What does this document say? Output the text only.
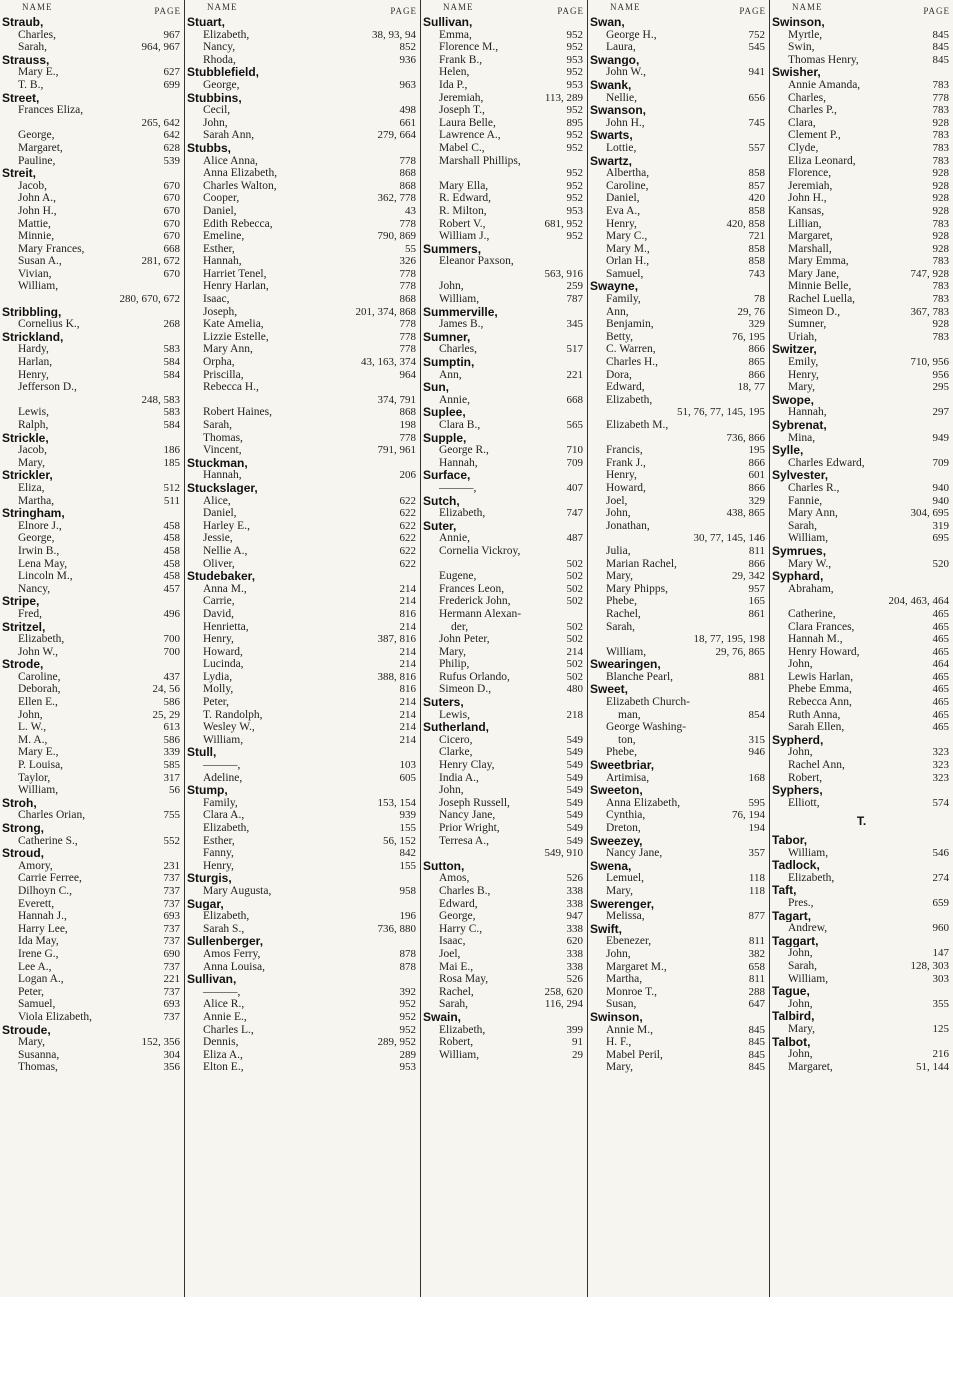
NAME	PAGE
Straub,
Charles,	967
Sarah,	964, 967
Strauss,
Mary E.,	627
T. B.,	699
Street,
Frances Eliza,
265, 642
George,	642
Margaret,	628
Pauline,	539
Streit,
Jacob,	670
John A.,	670
John H.,	670
Mattie,	670
Minnie,	670
Mary Frances,	668
Susan A.,	281, 672
Vivian,	670
William,
280, 670, 672
Stribbling,
Cornelius K.,	268
Strickland,
Hardy,	583
Harlan,	584
Henry,	584
Jefferson D.,
248, 583
Lewis,	583
Ralph,	584
Strickle,
Jacob,	186
Mary,	185
Strickler,
Eliza,	512
Martha,	511
Stringham,
Elnore J.,	458
George,	458
Irwin B.,	458
Lena May,	458
Lincoln M.,	458
Nancy,	457
Stripe,
Fred,	496
Stritzel,
Elizabeth,	700
John W.,	700
Strode,
Caroline,	437
Deborah,	24, 56
Ellen E.,	586
John,	25, 29
L. W.,	613
M. A.,	586
Mary E.,	339
P. Louisa,	585
Taylor,	317
William,	56
Stroh,
Charles Orian,	755
Strong,
Catherine S.,	552
Stroud,
Amory,	231
Carrie Ferree,	737
Dilhoyn C.,	737
Everett,	737
Hannah J.,	693
Harry Lee,	737
Ida May,	737
Irene G.,	690
Lee A.,	737
Logan A.,	221
Peter,	737
Samuel,	693
Viola Elizabeth,	737
Stroude,
Mary,	152, 356
Susanna,	304
Thomas,	356
NAME	PAGE
Stuart,
Elizabeth,	38, 93, 94
Nancy,	852
Rhoda,	936
Stubblefield,
George,	963
Stubbins,
Cecil,	498
John,	661
Sarah Ann,	279, 664
Stubbs,
Alice Anna,	778
Anna Elizabeth,	868
Charles Walton,	868
Cooper,	362, 778
Daniel,	43
Edith Rebecca,	778
Emeline,	790, 869
Esther,	55
Hannah,	326
Harriet Tenel,	778
Henry Harlan,	778
Isaac,	868
Joseph,	201, 374, 868
Kate Amelia,	778
Lizzie Estelle,	778
Mary Ann,	778
Orpha,	43, 163, 374
Priscilla,	964
Rebecca H.,
374, 791
Robert Haines,	868
Sarah,	198
Thomas,	778
Vincent,	791, 961
Stuckman,
Hannah,	206
Stuckslager,
Alice,	622
Daniel,	622
Harley E.,	622
Jessie,	622
Nellie A.,	622
Oliver,	622
Studebaker,
Anna M.,	214
Carrie,	214
David,	816
Henrietta,	214
Henry,	387, 816
Howard,	214
Lucinda,	214
Lydia,	388, 816
Molly,	816
Peter,	214
T. Randolph,	214
Wesley W.,	214
William,	214
Stull,
———,	103
Adeline,	605
Stump,
Family,	153, 154
Clara A.,	939
Elizabeth,	155
Esther,	56, 152
Fanny,	842
Henry,	155
Sturgis,
Mary Augusta,	958
Sugar,
Elizabeth,	196
Sarah S.,	736, 880
Sullenberger,
Amos Ferry,	878
Anna Louisa,	878
Sullivan,
———,	392
Alice R.,	952
Annie E.,	952
Charles L.,	952
Dennis,	289, 952
Eliza A.,	289
Elton E.,	953
NAME	PAGE
Sullivan,
Emma,	952
Florence M.,	952
Frank B.,	953
Helen,	952
Ida P.,	953
Jeremiah,	113, 289
Joseph T.,	952
Laura Belle,	895
Lawrence A.,	952
Mabel C.,	952
Marshall Phillips,
952
Mary Ella,	952
R. Edward,	952
R. Milton,	953
Robert V.,	681, 952
William J.,	952
Summers,
Eleanor Paxson,
563, 916
John,	259
William,	787
Summerville,
James B.,	345
Sumner,
Charles,	517
Sumptin,
Ann,	221
Sun,
Annie,	668
Suplee,
Clara B.,	565
Supple,
George R.,	710
Hannah,	709
Surface,
———,	407
Sutch,
Elizabeth,	747
Suter,
Annie,	487
Cornelia Vickroy,
502
Eugene,	502
Frances Leon,	502
Frederick John,	502
Hermann Alexan-
der,	502
John Peter,	502
Mary,	214
Philip,	502
Rufus Orlando,	502
Simeon D.,	480
Suters,
Lewis,	218
Sutherland,
Cicero,	549
Clarke,	549
Henry Clay,	549
India A.,	549
John,	549
Joseph Russell,	549
Nancy Jane,	549
Prior Wright,	549
Terresa A.,	549
549, 910
Sutton,
Amos,	526
Charles B.,	338
Edward,	338
George,	947
Harry C.,	338
Isaac,	620
Joel,	338
Mai E.,	338
Rosa May,	526
Rachel,	258, 620
Sarah,	116, 294
Swain,
Elizabeth,	399
Robert,	91
William,	29
NAME	PAGE
Swan,
George H.,	752
Laura,	545
Swango,
John W.,	941
Swank,
Nellie,	656
Swanson,
John H.,	745
Swarts,
Lottie,	557
Swartz,
Albertha,	858
Caroline,	857
Daniel,	420
Eva A.,	858
Henry,	420, 858
Mary C.,	721
Mary M.,	858
Orlan H.,	858
Samuel,	743
Swayne,
Family,	78
Ann,	29, 76
Benjamin,	329
Betty,	76, 195
C. Warren,	866
Charles H.,	865
Dora,	866
Edward,	18, 77
Elizabeth,
51, 76, 77, 145, 195
Elizabeth M.,
736, 866
Francis,	195
Frank J.,	866
Henry,	601
Howard,	866
Joel,	329
John,	438, 865
Jonathan,
30, 77, 145, 146
Julia,	811
Marian Rachel,	866
Mary,	29, 342
Mary Phipps,	957
Phebe,	165
Rachel,	861
Sarah,
18, 77, 195, 198
William,	29, 76, 865
Swearingen,
Blanche Pearl,	881
Sweet,
Elizabeth Church-
man,	854
George Washing-
ton,	315
Phebe,	946
Sweetbriar,
Artimisa,	168
Sweeton,
Anna Elizabeth,	595
Cynthia,	76, 194
Dreton,	194
Sweezey,
Nancy Jane,	357
Swena,
Lemuel,	118
Mary,	118
Swerenger,
Melissa,	877
Swift,
Ebenezer,	811
John,	382
Margaret M.,	658
Martha,	811
Monroe T.,	288
Susan,	647
Swinson,
Annie M.,	845
H. F.,	845
Mabel Peril,	845
Mary,	845
NAME	PAGE
Swinson,
Myrtle,	845
Swin,	845
Thomas Henry,	845
Swisher,
Annie Amanda,	783
Charles,	778
Charles P.,	783
Clara,	928
Clement P.,	783
Clyde,	783
Eliza Leonard,	783
Florence,	928
Jeremiah,	928
John H.,	928
Kansas,	928
Lillian,	783
Margaret,	928
Marshall,	928
Mary Emma,	783
Mary Jane,	747, 928
Minnie Belle,	783
Rachel Luella,	783
Simeon D.,	367, 783
Sumner,	928
Uriah,	783
Switzer,
Emily,	710, 956
Henry,	956
Mary,	295
Swope,
Hannah,	297
Sybrenat,
Mina,	949
Sylle,
Charles Edward,	709
Sylvester,
Charles R.,	940
Fannie,	940
Mary Ann,	304, 695
Sarah,	319
William,	695
Symrues,
Mary W.,	520
Syphard,
Abraham,
204, 463, 464
Catherine,	465
Clara Frances,	465
Hannah M.,	465
Henry Howard,	465
John,	464
Lewis Harlan,	465
Phebe Emma,	465
Rebecca Ann,	465
Ruth Anna,	465
Sarah Ellen,	465
Sypherd,
John,	323
Rachel Ann,	323
Robert,	323
Syphers,
Elliott,	574
T.
Tabor,
William,	546
Tadlock,
Elizabeth,	274
Taft,
Pres.,	659
Tagart,
Andrew,	960
Taggart,
John,	147
Sarah,	128, 303
William,	303
Tague,
John,	355
Talbird,
Mary,	125
Talbot,
John,	216
Margaret,	51, 144
